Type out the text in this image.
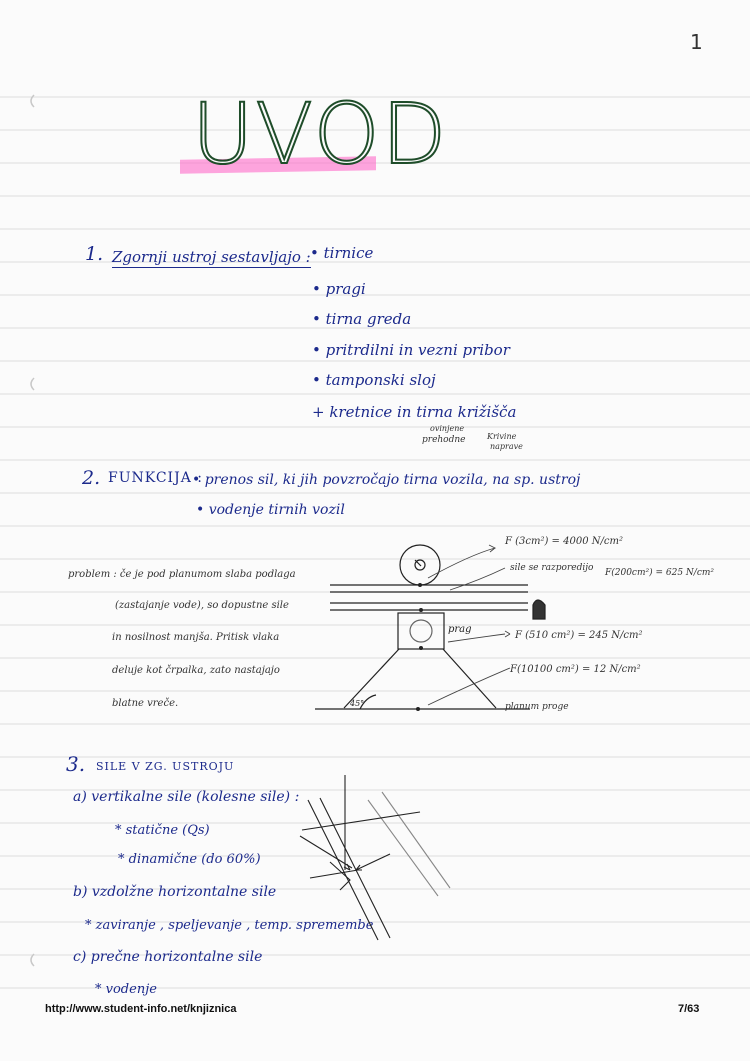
1
UVOD
1. Zgornji ustroj sestavljajo : • tirnice
• pragi
• tirna greda
• pritrdilni in vezni pribor
• tamponski sloj
+ kretnice in tirna križišča
ovinjene
prehodne	Krivine
naprave
2. FUNKCIJA :
• prenos sil, ki jih povzročajo tirna vozila, na sp. ustroj
• vodenje tirnih vozil
problem : če je pod planumom slaba podlaga
(zastajanje vode), so dopustne sile
in nosilnost manjša. Pritisk vlaka
deluje kot črpalka, zato nastajajo
blatne vreče.
prag
45°
F (3cm²) = 4000 N/cm²
sile se razporedijo F(200cm²) = 625 N/cm²
F (510 cm²) = 245 N/cm²
F(10100 cm²) = 12 N/cm²
planum proge
3. SILE V ZG. USTROJU
a) vertikalne sile (kolesne sile) :
* statične (Qs)
* dinamične (do 60%)
b) vzdolžne horizontalne sile
* zaviranje , speljevanje , temp. spremembe
c) prečne horizontalne sile
* vodenje
http://www.student-info.net/knjiznica	7/63
